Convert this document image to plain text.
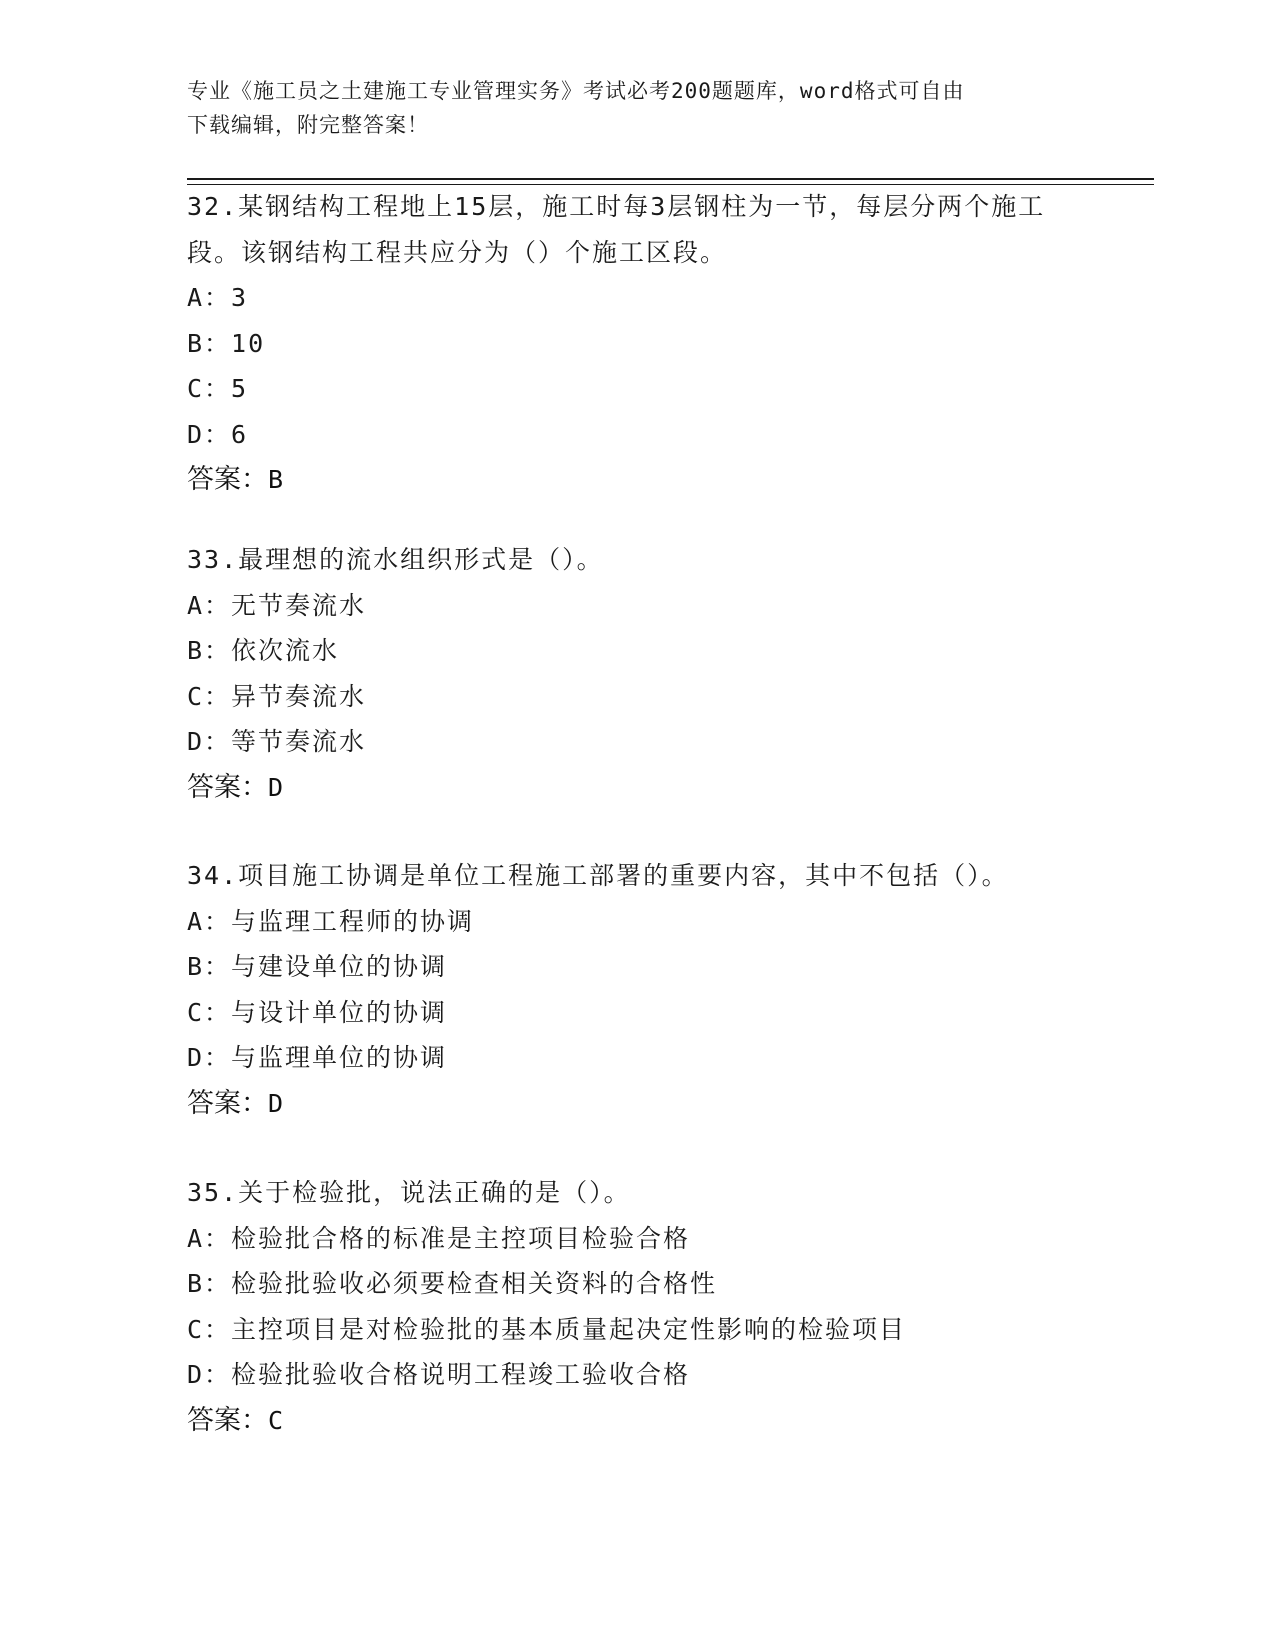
专业《施工员之土建施工专业管理实务》考试必考200题题库，word格式可自由
下载编辑，附完整答案！

32.某钢结构工程地上15层，施工时每3层钢柱为一节，每层分两个施工段。该钢结构工程共应分为（）个施工区段。

A：3

B：10

C：5

D：6

答案：B

33.最理想的流水组织形式是（）。

A：无节奏流水

B：依次流水

C：异节奏流水

D：等节奏流水

答案：D

34.项目施工协调是单位工程施工部署的重要内容，其中不包括（）。

A：与监理工程师的协调

B：与建设单位的协调

C：与设计单位的协调

D：与监理单位的协调

答案：D

35.关于检验批，说法正确的是（）。

A：检验批合格的标准是主控项目检验合格

B：检验批验收必须要检查相关资料的合格性

C：主控项目是对检验批的基本质量起决定性影响的检验项目

D：检验批验收合格说明工程竣工验收合格

答案：C
